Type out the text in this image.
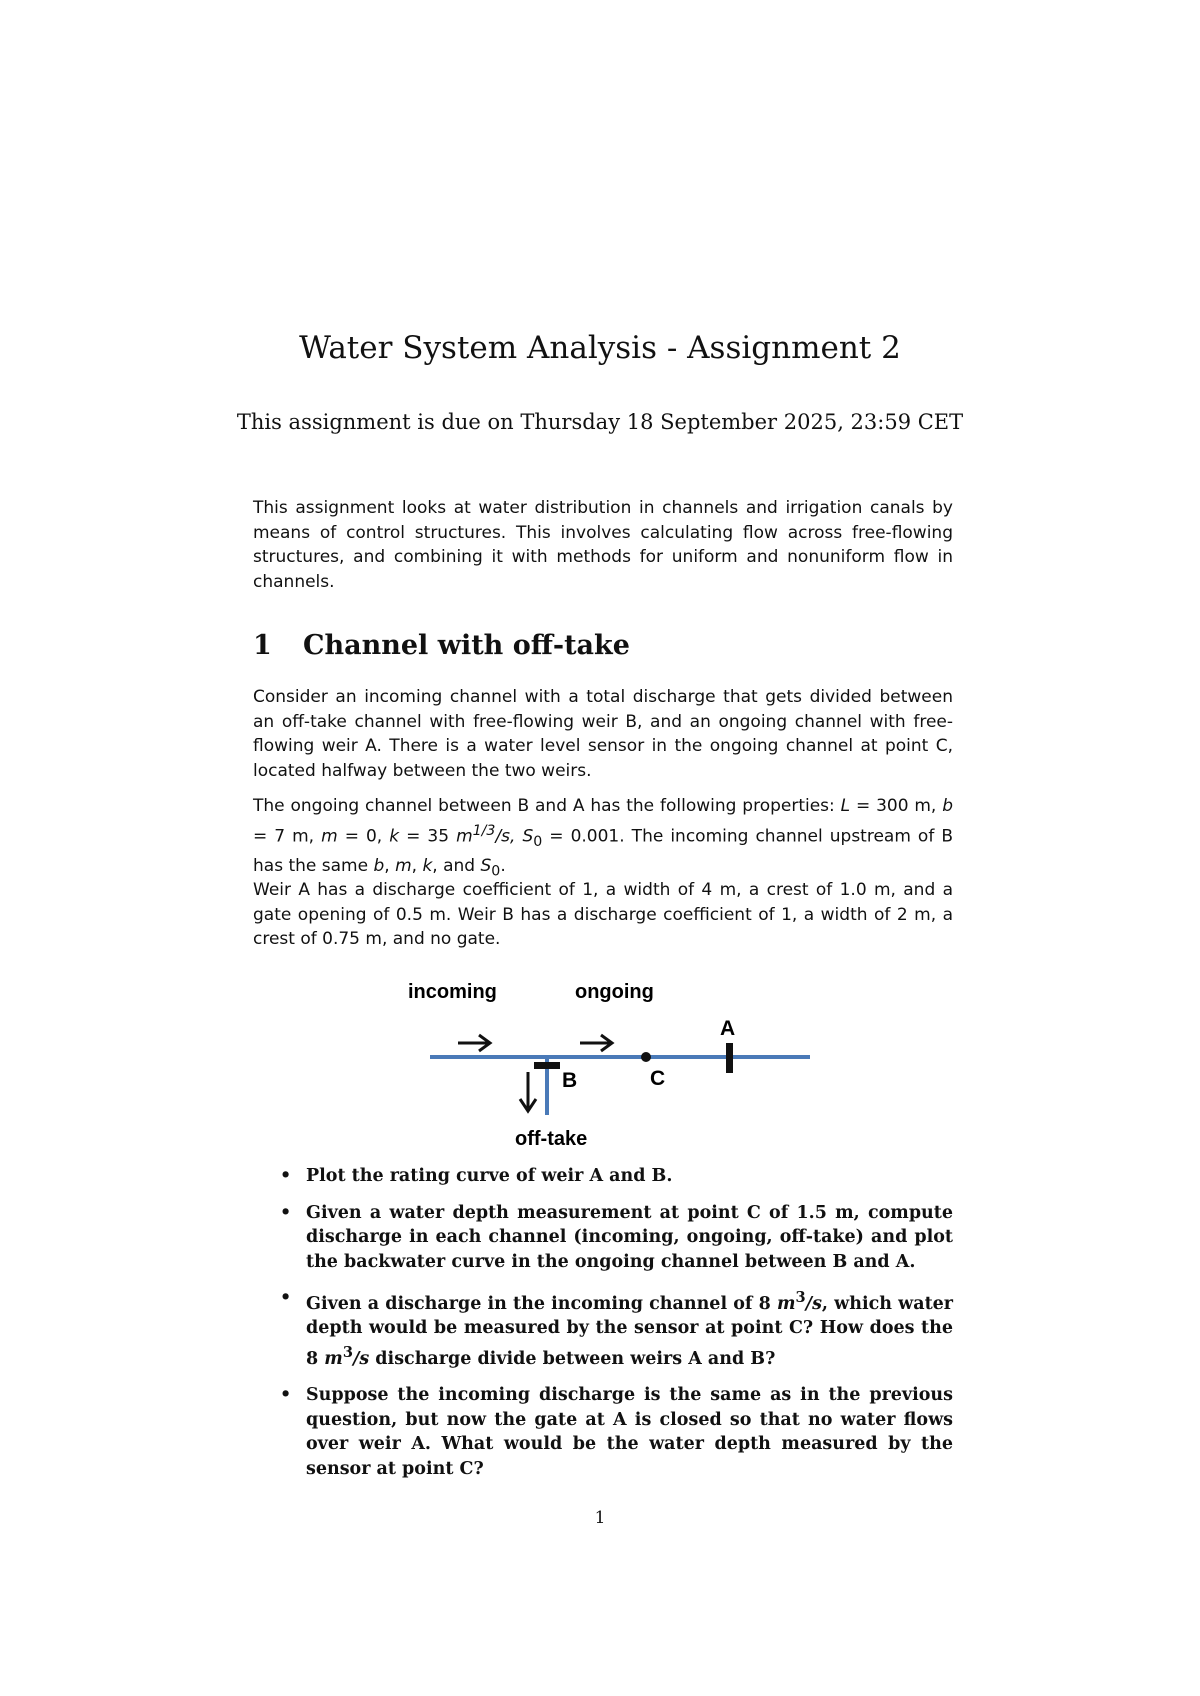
Water System Analysis - Assignment 2

This assignment is due on Thursday 18 September 2025, 23:59 CET

This assignment looks at water distribution in channels and irrigation canals by means of control structures. This involves calculating flow across free-flowing structures, and combining it with methods for uniform and nonuniform flow in channels.

1 Channel with off-take

Consider an incoming channel with a total discharge that gets divided between an off-take channel with free-flowing weir B, and an ongoing channel with free-flowing weir A. There is a water level sensor in the ongoing channel at point C, located halfway between the two weirs.

The ongoing channel between B and A has the following properties: L = 300 m, b = 7 m, m = 0, k = 35 $m^{1/3}/s$, $S_0 = 0.001$. The incoming channel upstream of B has the same b, m, k, and $S_0$.

Weir A has a discharge coefficient of 1, a width of 4 m, a crest of 1.0 m, and a gate opening of 0.5 m. Weir B has a discharge coefficient of 1, a width of 2 m, a crest of 0.75 m, and no gate.

incoming	ongoing
A
B	C
off-take
• Plot the rating curve of weir A and B.
• Given a water depth measurement at point C of 1.5 m, compute discharge in each channel (incoming, ongoing, off-take) and plot the backwater curve in the ongoing channel between B and A.
• Given a discharge in the incoming channel of 8 $m^3/s$, which water depth would be measured by the sensor at point C? How does the 8 $m^3/s$ discharge divide between weirs A and B?
• Suppose the incoming discharge is the same as in the previous question, but now the gate at A is closed so that no water flows over weir A. What would be the water depth measured by the sensor at point C?

1
